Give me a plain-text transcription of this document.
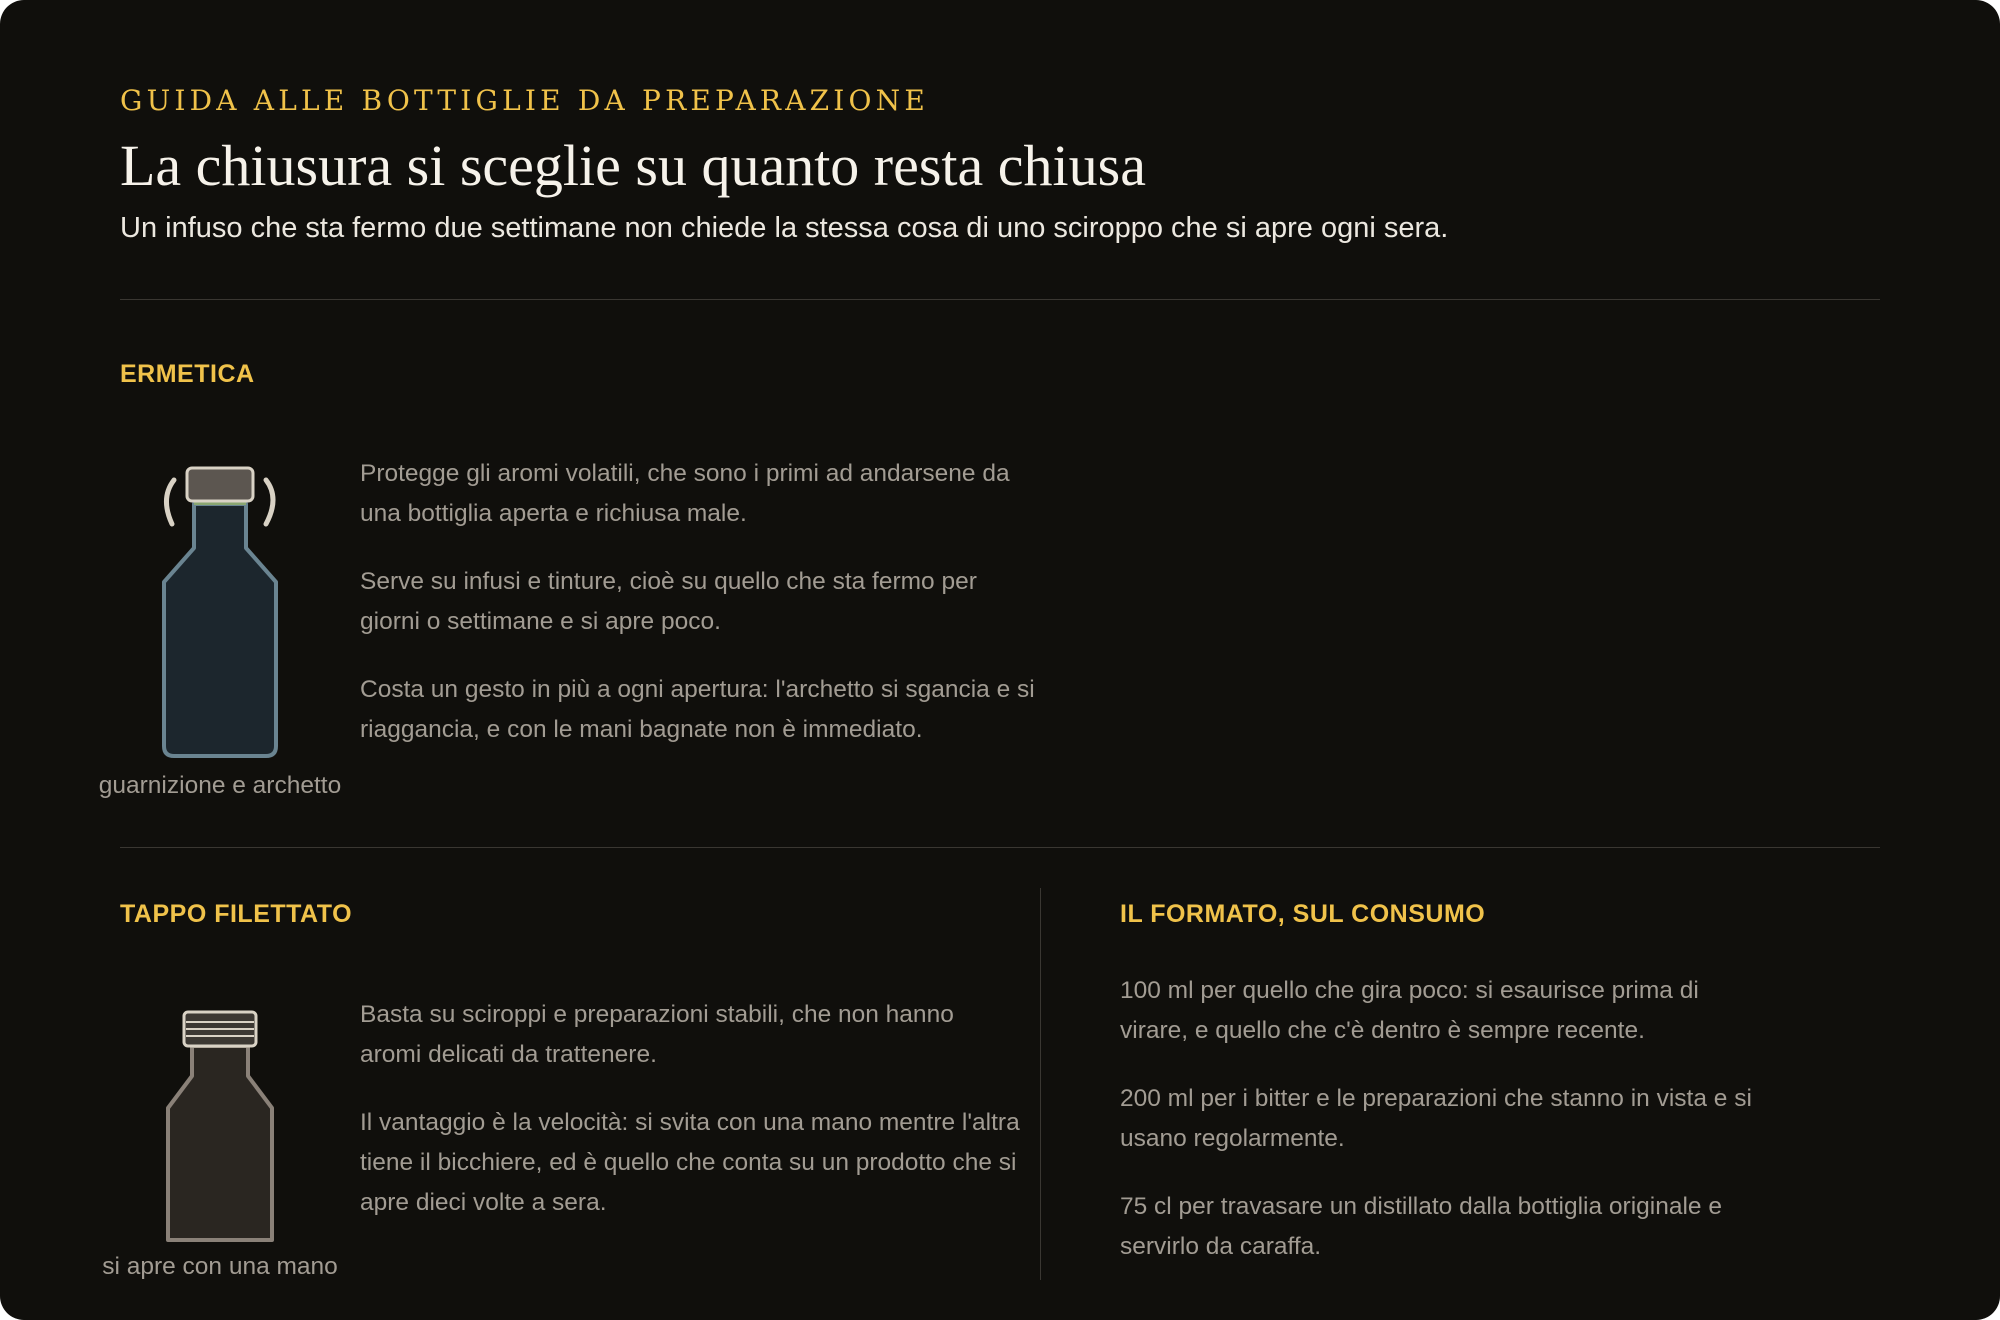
GUIDA ALLE BOTTIGLIE DA PREPARAZIONE

La chiusura si sceglie su quanto resta chiusa

Un infuso che sta fermo due settimane non chiede la stessa cosa di uno sciroppo che si apre ogni sera.

ERMETICA

guarnizione e archetto

Protegge gli aromi volatili, che sono i primi ad andarsene da una bottiglia aperta e richiusa male.

Serve su infusi e tinture, cioè su quello che sta fermo per giorni o settimane e si apre poco.

Costa un gesto in più a ogni apertura: l'archetto si sgancia e si riaggancia, e con le mani bagnate non è immediato.

TAPPO FILETTATO

si apre con una mano

Basta su sciroppi e preparazioni stabili, che non hanno aromi delicati da trattenere.

Il vantaggio è la velocità: si svita con una mano mentre l'altra tiene il bicchiere, ed è quello che conta su un prodotto che si apre dieci volte a sera.

IL FORMATO, SUL CONSUMO

100 ml per quello che gira poco: si esaurisce prima di virare, e quello che c'è dentro è sempre recente.

200 ml per i bitter e le preparazioni che stanno in vista e si usano regolarmente.

75 cl per travasare un distillato dalla bottiglia originale e servirlo da caraffa.
